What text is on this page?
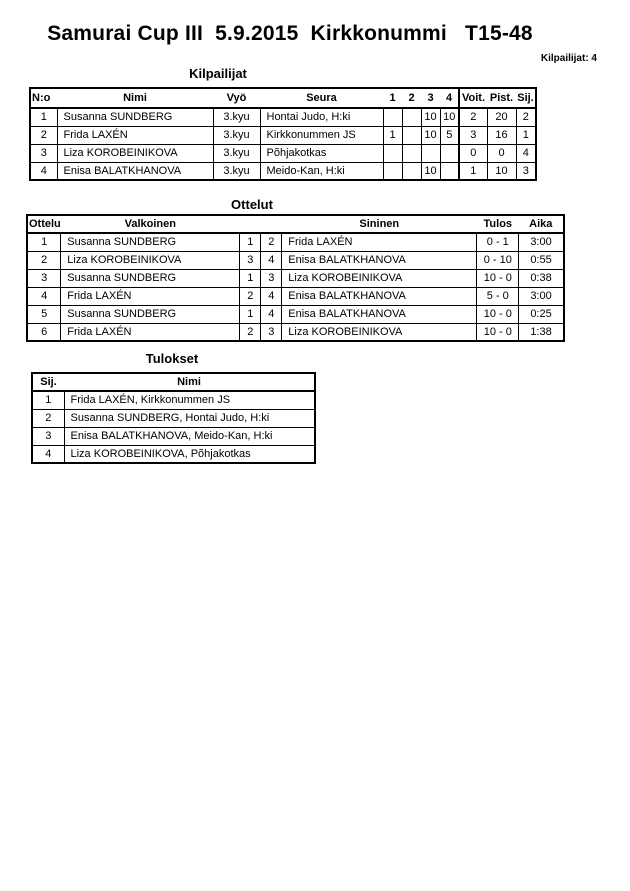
Samurai Cup III  5.9.2015  Kirkkonummi   T15-48
Kilpailijat: 4
Kilpailijat
N:o	Nimi	Vyö	Seura	1	2	3	4	Voit.	Pist.	Sij.
1	Susanna SUNDBERG	3.kyu	Hontai Judo, H:ki			10	10	2	20	2
2	Frida LAXÉN	3.kyu	Kirkkonummen JS	1		10	5	3	16	1
3	Liza KOROBEINIKOVA	3.kyu	Põhjakotkas					0	0	4
4	Enisa BALATKHANOVA	3.kyu	Meido-Kan, H:ki			10		1	10	3
Ottelut
Ottelu	Valkoinen			Sininen	Tulos	Aika
1	Susanna SUNDBERG	1	2	Frida LAXÉN	0 - 1	3:00
2	Liza KOROBEINIKOVA	3	4	Enisa BALATKHANOVA	0 - 10	0:55
3	Susanna SUNDBERG	1	3	Liza KOROBEINIKOVA	10 - 0	0:38
4	Frida LAXÉN	2	4	Enisa BALATKHANOVA	5 - 0	3:00
5	Susanna SUNDBERG	1	4	Enisa BALATKHANOVA	10 - 0	0:25
6	Frida LAXÉN	2	3	Liza KOROBEINIKOVA	10 - 0	1:38
Tulokset
Sij.	Nimi
1	Frida LAXÉN, Kirkkonummen JS
2	Susanna SUNDBERG, Hontai Judo, H:ki
3	Enisa BALATKHANOVA, Meido-Kan, H:ki
4	Liza KOROBEINIKOVA, Põhjakotkas
